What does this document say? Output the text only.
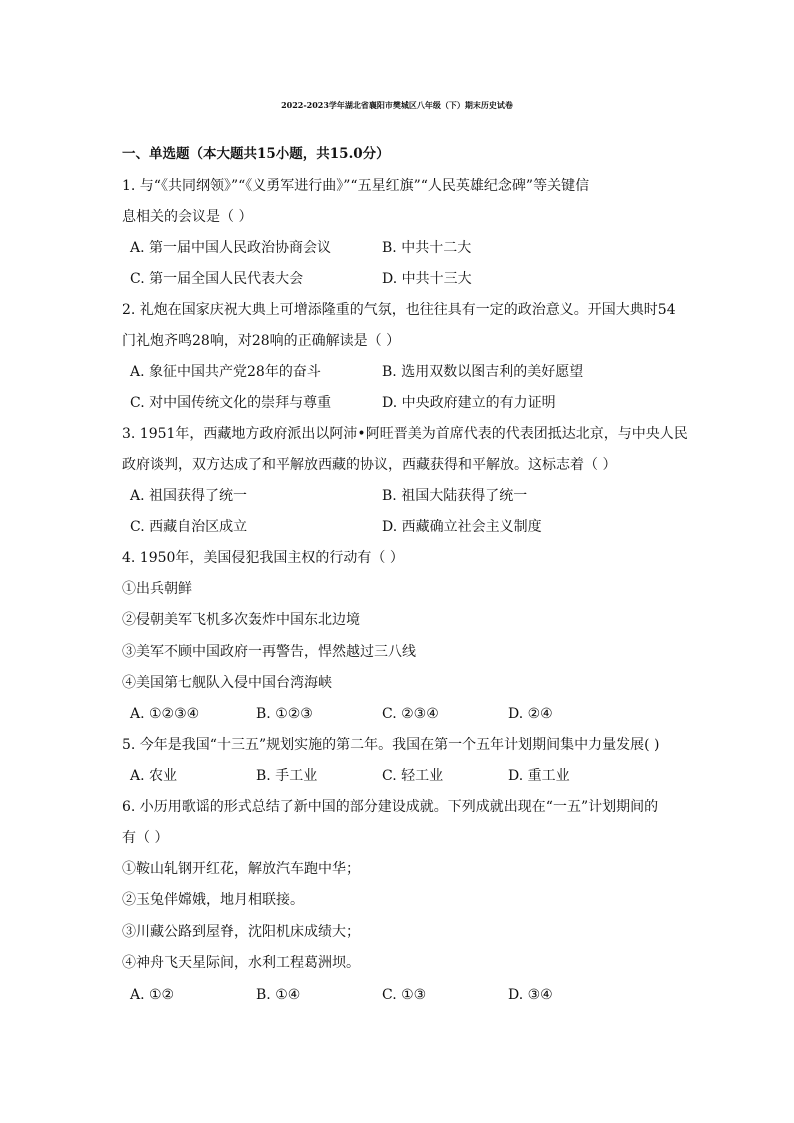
2022-2023学年湖北省襄阳市樊城区八年级（下）期末历史试卷
一、单选题（本大题共15小题，共15.0分）
1. 与“《共同纲领》”“《义勇军进行曲》”“五星红旗”“人民英雄纪念碑”等关键信
息相关的会议是（ ）
A. 第一届中国人民政治协商会议	B. 中共十二大
C. 第一届全国人民代表大会	D. 中共十三大
2. 礼炮在国家庆祝大典上可增添隆重的气氛，也往往具有一定的政治意义。开国大典时54
门礼炮齐鸣28响，对28响的正确解读是（ ）
A. 象征中国共产党28年的奋斗	B. 选用双数以图吉利的美好愿望
C. 对中国传统文化的崇拜与尊重	D. 中央政府建立的有力证明
3. 1951年，西藏地方政府派出以阿沛•阿旺晋美为首席代表的代表团抵达北京，与中央人民
政府谈判，双方达成了和平解放西藏的协议，西藏获得和平解放。这标志着（ ）
A. 祖国获得了统一	B. 祖国大陆获得了统一
C. 西藏自治区成立	D. 西藏确立社会主义制度
4. 1950年，美国侵犯我国主权的行动有（ ）
①出兵朝鲜
②侵朝美军飞机多次轰炸中国东北边境
③美军不顾中国政府一再警告，悍然越过三八线
④美国第七舰队入侵中国台湾海峡
A. ①②③④	B. ①②③	C. ②③④	D. ②④
5. 今年是我国“十三五”规划实施的第二年。我国在第一个五年计划期间集中力量发展( )
A. 农业	B. 手工业	C. 轻工业	D. 重工业
6. 小历用歌谣的形式总结了新中国的部分建设成就。下列成就出现在“一五”计划期间的
有（ ）
①鞍山轧钢开红花，解放汽车跑中华；
②玉兔伴嫦娥，地月相联接。
③川藏公路到屋脊，沈阳机床成绩大；
④神舟飞天星际间，水利工程葛洲坝。
A. ①②	B. ①④	C. ①③	D. ③④
